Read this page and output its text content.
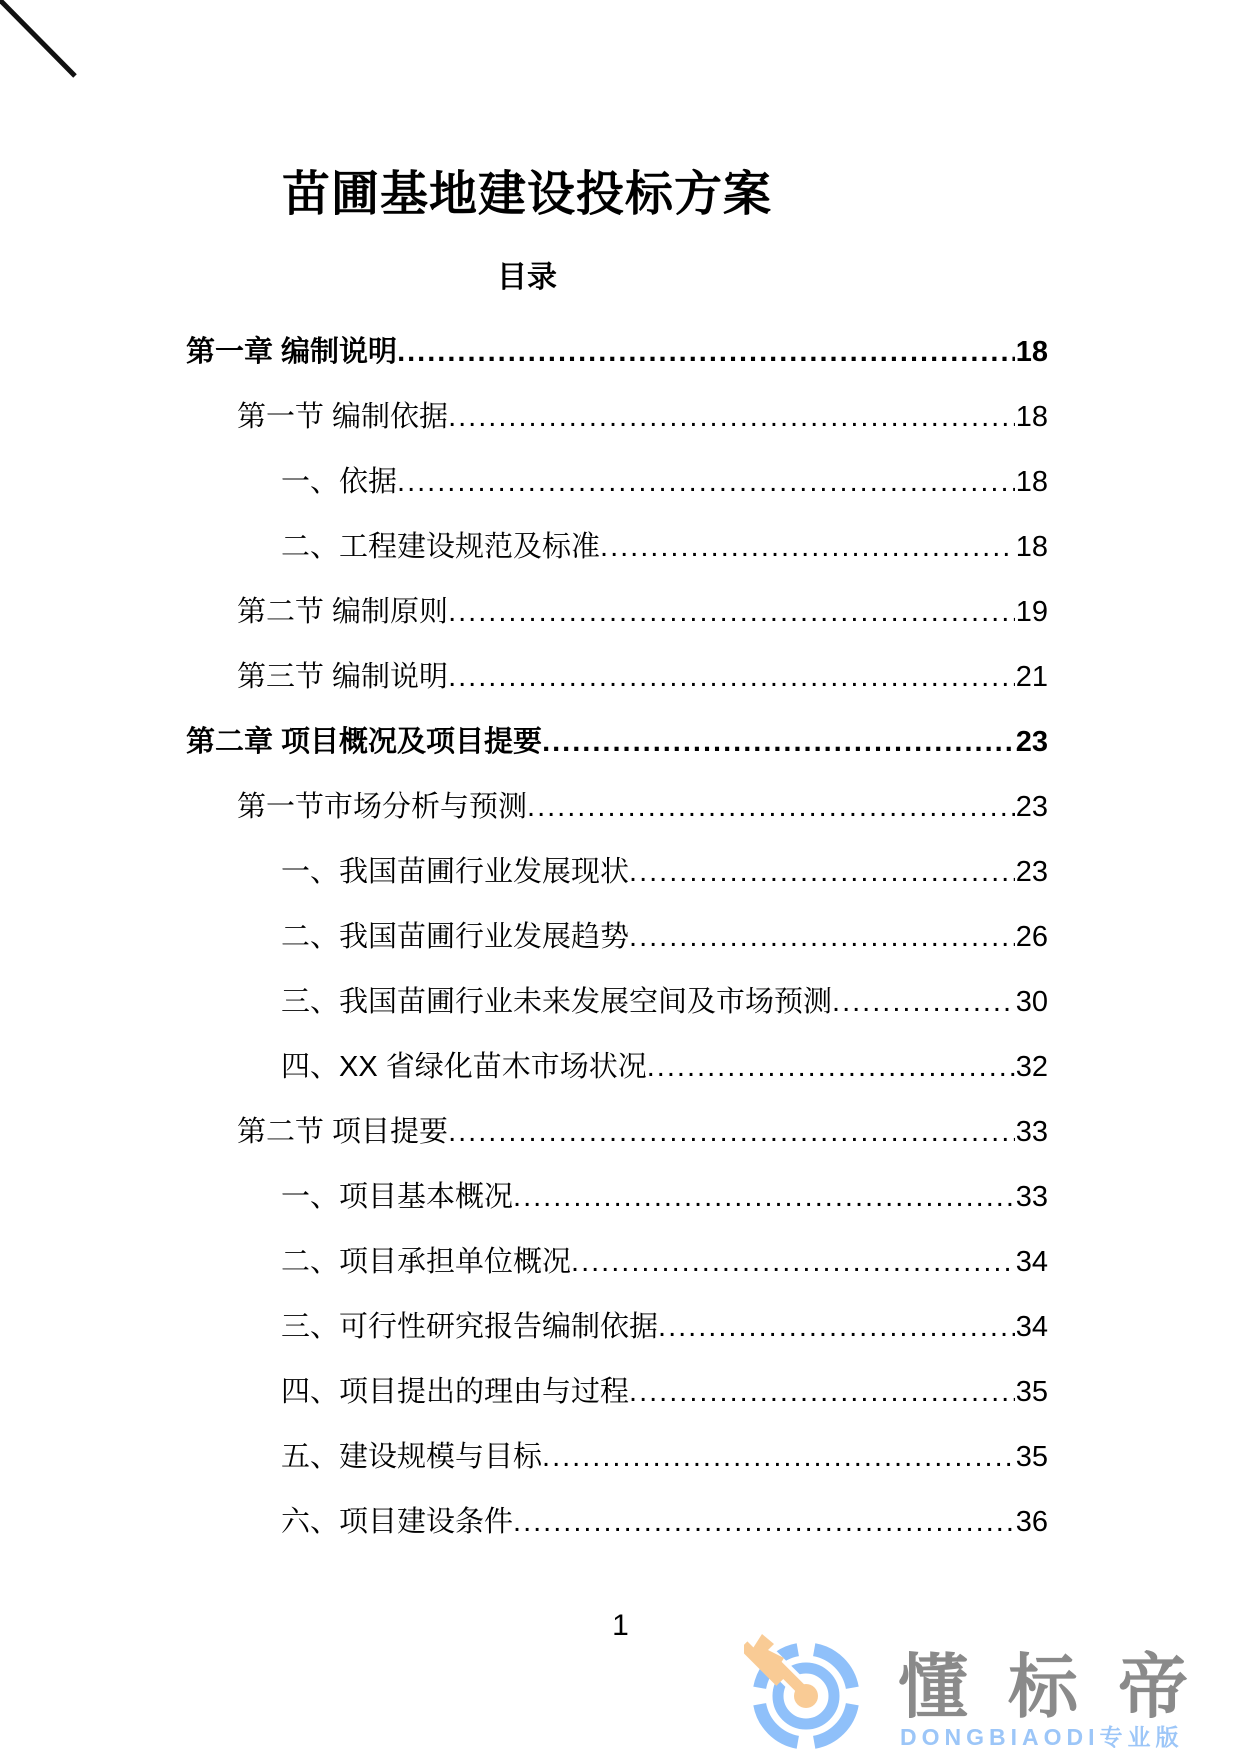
苗圃基地建设投标方案
目录
第一章 编制说明 .....	18
第一节 编制依据 .....	18
一、依据 .....	18
二、工程建设规范及标准 .....	18
第二节 编制原则 .....	19
第三节 编制说明 .....	21
第二章 项目概况及项目提要 .....	23
第一节市场分析与预测 .....	23
一、我国苗圃行业发展现状 .....	23
二、我国苗圃行业发展趋势 .....	26
三、我国苗圃行业未来发展空间及市场预测 .....	30
四、XX 省绿化苗木市场状况 .....	32
第二节 项目提要 .....	33
一、项目基本概况 .....	33
二、项目承担单位概况 .....	34
三、可行性研究报告编制依据 .....	34
四、项目提出的理由与过程 .....	35
五、建设规模与目标 .....	35
六、项目建设条件 .....	36
1
懂标帝
DONGBIAODI专业版
